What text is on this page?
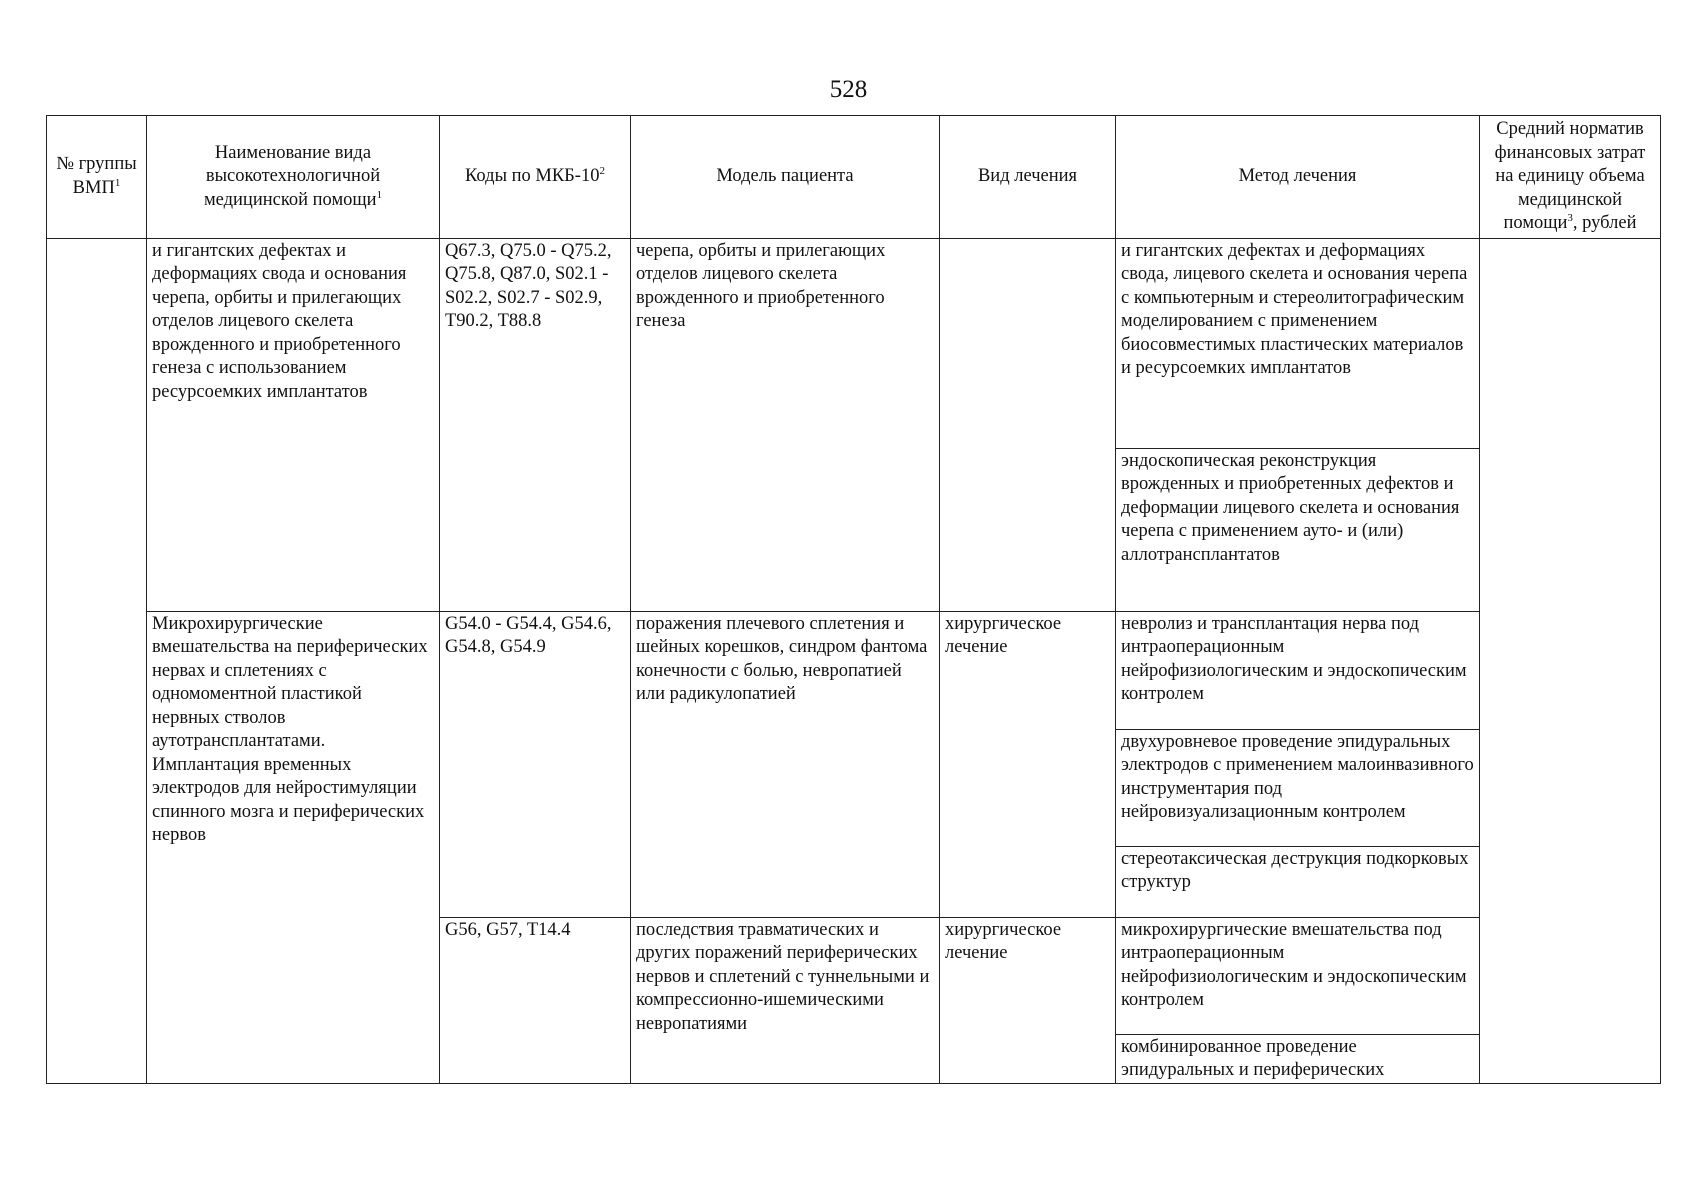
528
№ группы ВМП$^1$	Наименование вида высокотехнологичной медицинской помощи$^1$	Коды по МКБ-$10^2$	Модель пациента	Вид лечения	Метод лечения	Средний норматив финансовых затрат на единицу объема медицинской помощи$^3$, рублей
	и гигантских дефектах и деформациях свода и основания черепа, орбиты и прилегающих отделов лицевого скелета врожденного и приобретенного генеза с использованием ресурсоемких имплантатов	Q67.3, Q75.0 - Q75.2, Q75.8, Q87.0, S02.1 - S02.2, S02.7 - S02.9, T90.2, T88.8	черепа, орбиты и прилегающих отделов лицевого скелета врожденного и приобретенного генеза		и гигантских дефектах и деформациях свода, лицевого скелета и основания черепа с компьютерным и стереолитографическим моделированием с применением биосовместимых пластических материалов и ресурсоемких имплантатов	
					эндоскопическая реконструкция врожденных и приобретенных дефектов и деформации лицевого скелета и основания черепа с применением ауто- и (или) аллотрансплантатов	
	Микрохирургические вмешательства на периферических нервах и сплетениях с одномоментной пластикой нервных стволов аутотрансплантатами. Имплантация временных электродов для нейростимуляции спинного мозга и периферических нервов	G54.0 - G54.4, G54.6, G54.8, G54.9	поражения плечевого сплетения и шейных корешков, синдром фантома конечности с болью, невропатией или радикулопатией	хирургическое лечение	невролиз и трансплантация нерва под интраоперационным нейрофизиологическим и эндоскопическим контролем	
					двухуровневое проведение эпидуральных электродов с применением малоинвазивного инструментария под нейровизуализационным контролем	
					стереотаксическая деструкция подкорковых структур	
		G56, G57, T14.4	последствия травматических и других поражений периферических нервов и сплетений с туннельными и компрессионно-ишемическими невропатиями	хирургическое лечение	микрохирургические вмешательства под интраоперационным нейрофизиологическим и эндоскопическим контролем	
					комбинированное проведение эпидуральных и периферических	
